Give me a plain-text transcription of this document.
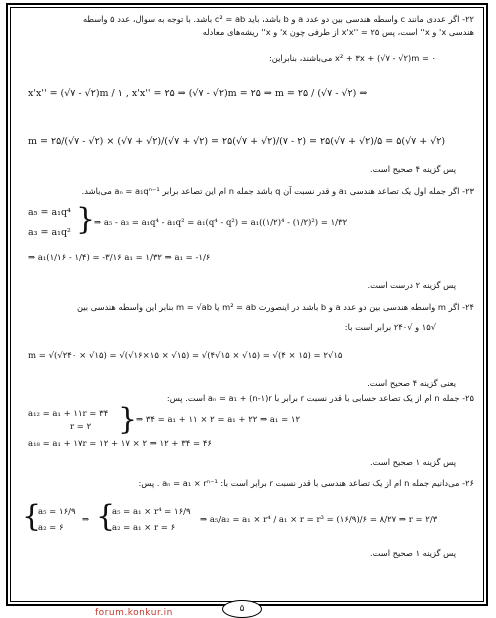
۲۲- اگر عددی مانند c واسطه هندسی بین دو عدد a و b باشد، باید c² = ab باشد. با توجه به سوال، عدد ۵ واسطه
هندسی x' و x'' است، پس x'x'' = ۲۵ از طرفی چون x' و x'' ریشه‌های معادله
x² + ۳x + (√۷ - √۲)m = ۰ می‌باشند، بنابراین:
x'x'' = (√۷ - √۲)m / ۱ , x'x'' = ۲۵ ⇒ (√۷ - √۲)m = ۲۵ ⇒ m = ۲۵ / (√۷ - √۲) ⇒
m = ۲۵/(√۷ - √۲) × (√۷ + √۲)/(√۷ + √۲) = ۲۵(√۷ + √۲)/(۷ - ۲) = ۲۵(√۷ + √۲)/۵ = ۵(√۷ + √۲)
پس گزینه ۴ صحیح است.
۲۳- اگر جمله اول یک تصاعد هندسی a₁ و قدر نسبت آن q باشد جمله n ام این تصاعد برابر aₙ = a₁qⁿ⁻¹ می‌باشد.
}
a₅ = a₁q⁴
a₃ = a₁q²
⇒ a₅ - a₃ = a₁q⁴ - a₁q² = a₁(q⁴ - q²) = a₁((۱/۲)⁴ - (۱/۲)²) = ۱/۳۲
⇒ a₁(۱/۱۶ - ۱/۴) = -۳/۱۶ a₁ = ۱/۳۲ ⇒ a₁ = -۱/۶
پس گزینه ۲ درست است.
۲۴- اگر m واسطه هندسی بین دو عدد a و b باشد در اینصورت m² = ab یا m = √ab بنابر این واسطه هندسی بین
√۱۵ و √۲۴۰ برابر است با:
m = √(√۲۴۰ × √۱۵) = √(√۱۶×۱۵ × √۱۵) = √(۴√۱۵ × √۱۵) = √(۴ × ۱۵) = ۲√۱۵
یعنی گزینه ۴ صحیح است.
۲۵- جمله n ام از یک تصاعد حسابی با قدر نسبت r برابر با aₙ = a₁ + (n-۱)r است. پس:
a₁₂ = a₁ + ۱۱r = ۳۴
r = ۲ }
⇒ ۳۴ = a₁ + ۱۱ × ۲ = a₁ + ۲۲ ⇒ a₁ = ۱۲
a₁₈ = a₁ + ۱۷r = ۱۲ + ۱۷ × ۲ ⇒ ۱۲ + ۳۴ = ۴۶
پس گزینه ۱ صحیح است.
۲۶- می‌دانیم جمله n ام از یک تصاعد هندسی با قدر نسبت r برابر است با: aₙ = a₁ × rⁿ⁻¹ . پس:
{
a₅ = ۱۶/۹
a₂ = ۶
⇒ {
a₅ = a₁ × r⁴ = ۱۶/۹
a₂ = a₁ × r = ۶
⇒ a₅/a₂ = a₁ × r⁴ / a₁ × r = r³ = (۱۶/۹)/۶ = ۸/۲۷ ⇒ r = ۲/۳
پس گزینه ۱ صحیح است.
forum.konkur.in	۵
